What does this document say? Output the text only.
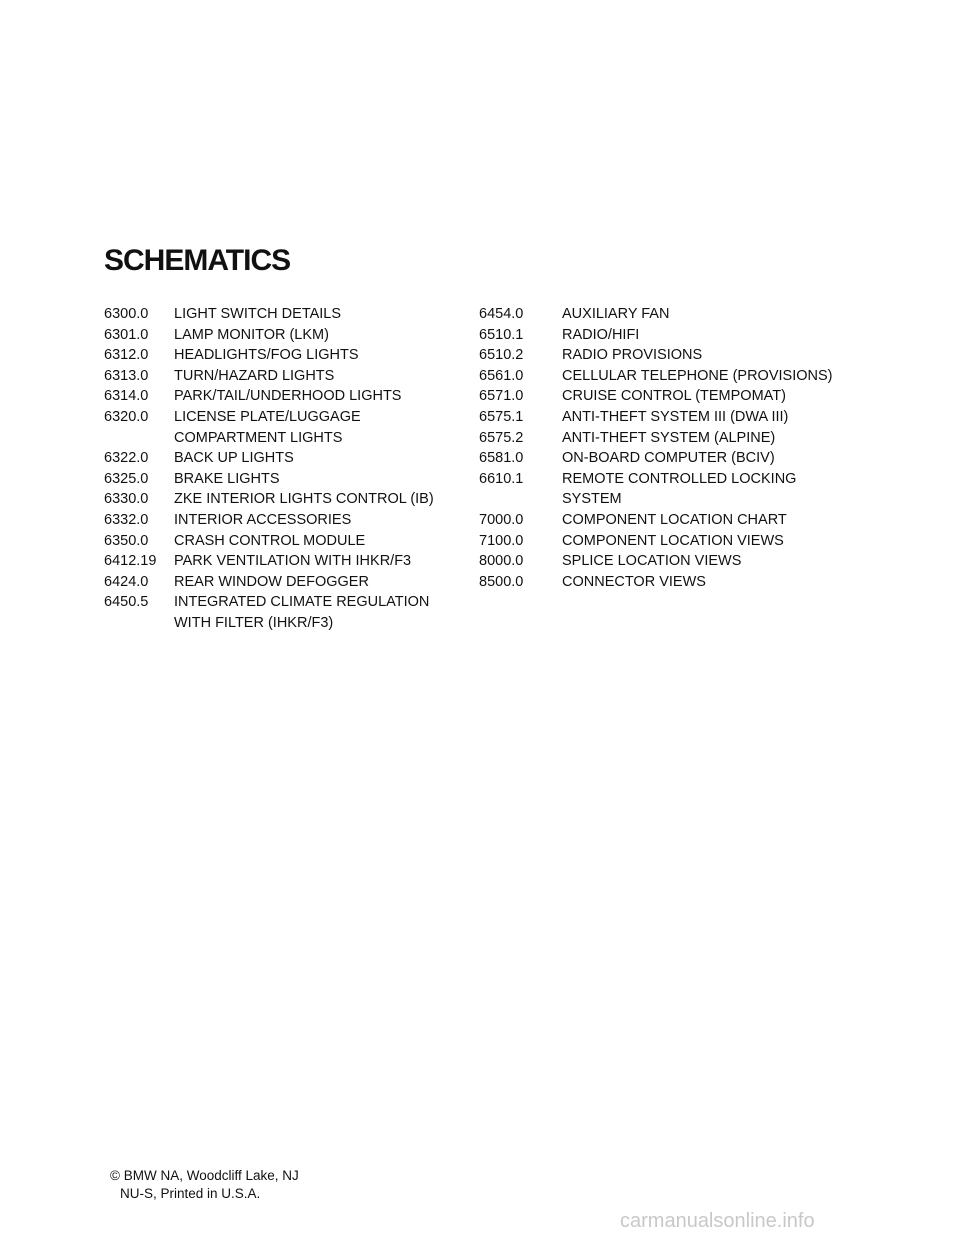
SCHEMATICS
6300.0	LIGHT SWITCH DETAILS
6301.0	LAMP MONITOR (LKM)
6312.0	HEADLIGHTS/FOG LIGHTS
6313.0	TURN/HAZARD LIGHTS
6314.0	PARK/TAIL/UNDERHOOD LIGHTS
6320.0	LICENSE PLATE/LUGGAGE
COMPARTMENT LIGHTS
6322.0	BACK UP LIGHTS
6325.0	BRAKE LIGHTS
6330.0	ZKE INTERIOR LIGHTS CONTROL (IB)
6332.0	INTERIOR ACCESSORIES
6350.0	CRASH CONTROL MODULE
6412.19	PARK VENTILATION WITH IHKR/F3
6424.0	REAR WINDOW DEFOGGER
6450.5	INTEGRATED CLIMATE REGULATION
WITH FILTER (IHKR/F3)
6454.0	AUXILIARY FAN
6510.1	RADIO/HIFI
6510.2	RADIO PROVISIONS
6561.0	CELLULAR TELEPHONE (PROVISIONS)
6571.0	CRUISE CONTROL (TEMPOMAT)
6575.1	ANTI-THEFT SYSTEM III (DWA III)
6575.2	ANTI-THEFT SYSTEM (ALPINE)
6581.0	ON-BOARD COMPUTER (BCIV)
6610.1	REMOTE CONTROLLED LOCKING
SYSTEM
7000.0	COMPONENT LOCATION CHART
7100.0	COMPONENT LOCATION VIEWS
8000.0	SPLICE LOCATION VIEWS
8500.0	CONNECTOR VIEWS
© BMW NA, Woodcliff Lake, NJ
NU-S, Printed in U.S.A.
carmanualsonline.info
